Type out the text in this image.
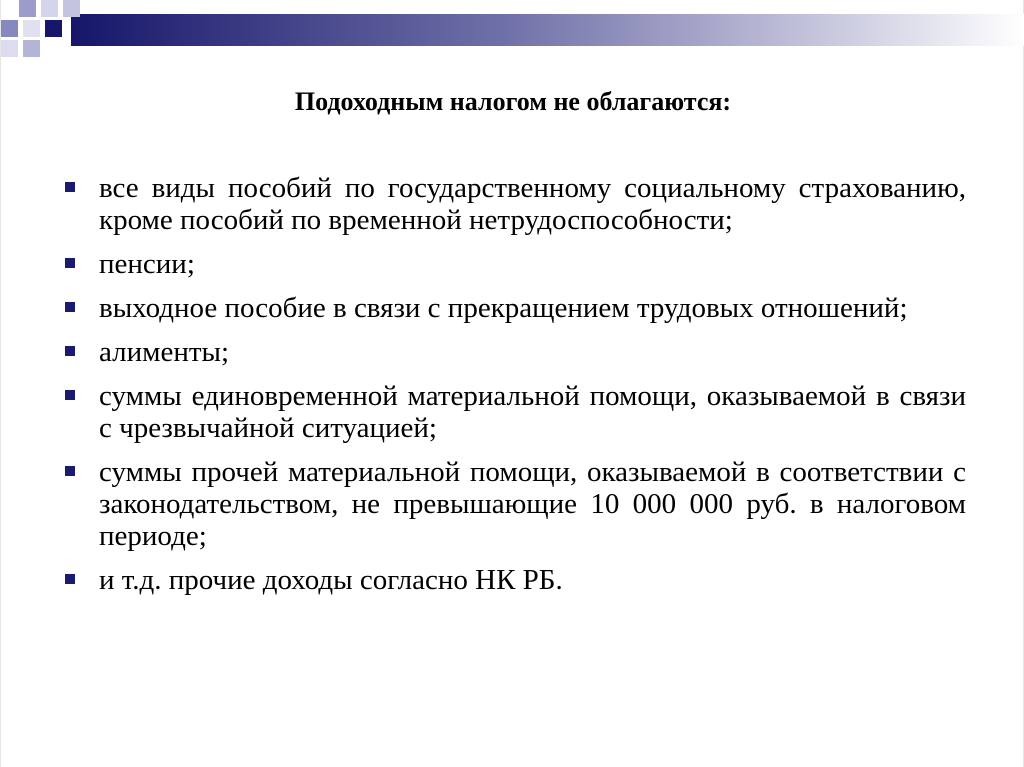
Подоходным налогом не облагаются:
все виды пособий по государственному социальному страхованию, кроме пособий по временной нетрудоспособности;
пенсии;
выходное пособие в связи с прекращением трудовых отношений;
алименты;
суммы единовременной материальной помощи, оказываемой в связи с чрезвычайной ситуацией;
суммы прочей материальной помощи, оказываемой в соответствии с законодательством, не превышающие 10 000 000 руб. в налоговом периоде;
и т.д. прочие доходы согласно НК РБ.
